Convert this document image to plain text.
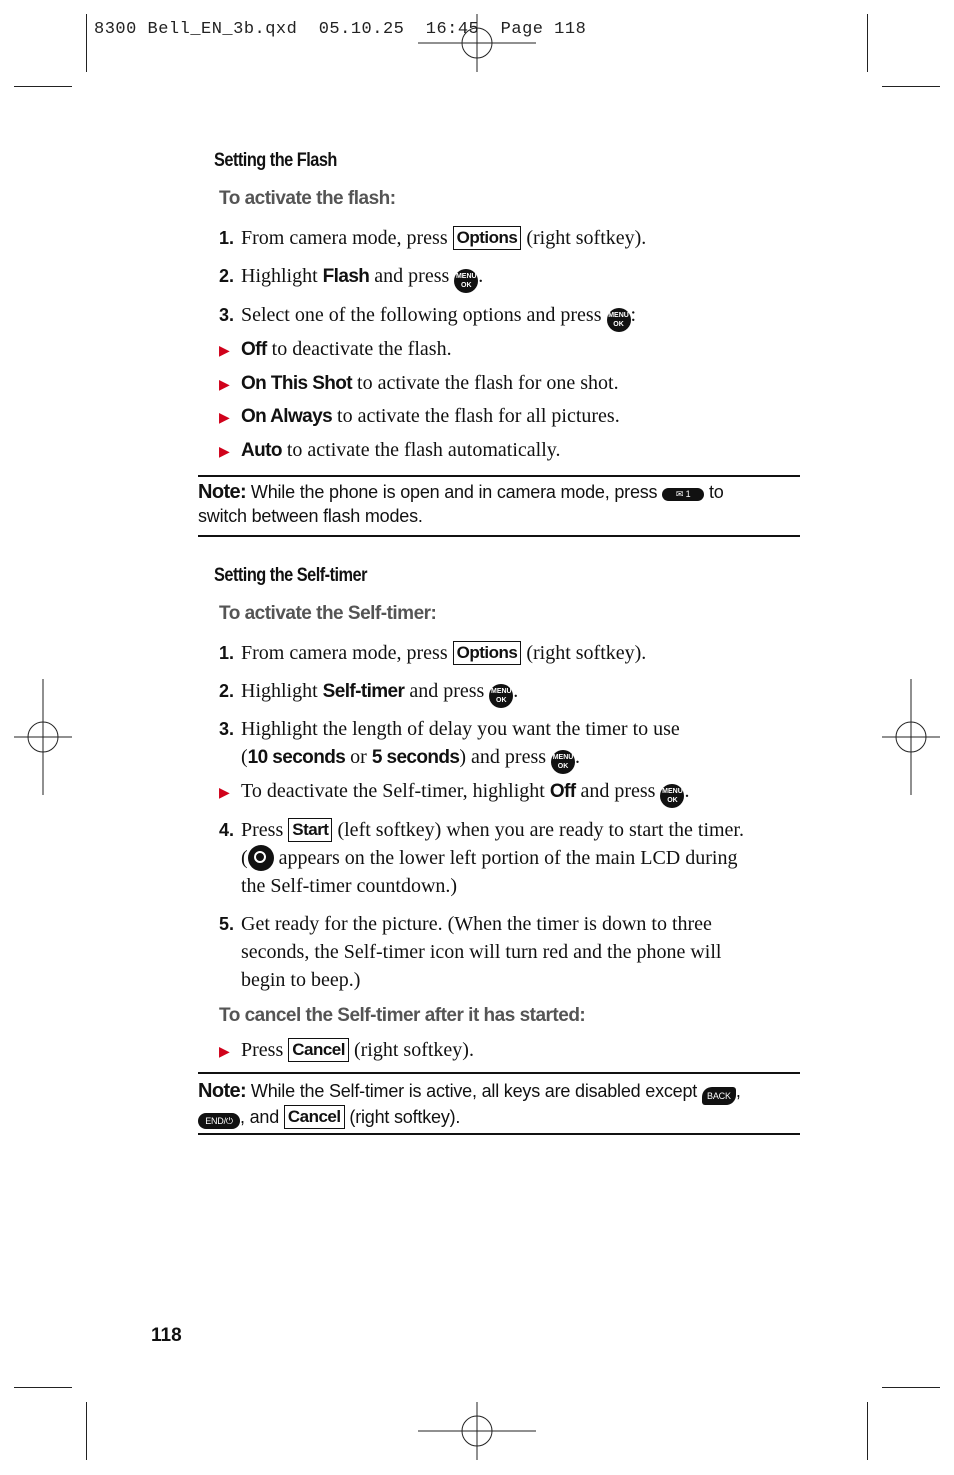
8300 Bell_EN_3b.qxd  05.10.25  16:45  Page 118
Setting the Flash
To activate the flash:
1. From camera mode, press Options (right softkey).
2. Highlight Flash and press MENU
OK .
3. Select one of the following options and press MENU
OK :
▶ Off to deactivate the flash.
▶ On This Shot to activate the flash for one shot.
▶ On Always to activate the flash for all pictures.
▶ Auto to activate the flash automatically.
Note: While the phone is open and in camera mode, press ✉ 1 to
switch between flash modes.
Setting the Self-timer
To activate the Self-timer:
1. From camera mode, press Options (right softkey).
2. Highlight Self-timer and press MENU
OK .
3. Highlight the length of delay you want the timer to use
(10 seconds or 5 seconds) and press MENU
OK .
▶ To deactivate the Self-timer, highlight Off and press MENU
OK .
4. Press Start (left softkey) when you are ready to start the timer.
( appears on the lower left portion of the main LCD during
the Self-timer countdown.)
5. Get ready for the picture. (When the timer is down to three
seconds, the Self-timer icon will turn red and the phone will
begin to beep.)
To cancel the Self-timer after it has started:
▶ Press Cancel (right softkey).
Note: While the Self-timer is active, all keys are disabled except BACK ,
END/⏻ , and Cancel (right softkey).
118
